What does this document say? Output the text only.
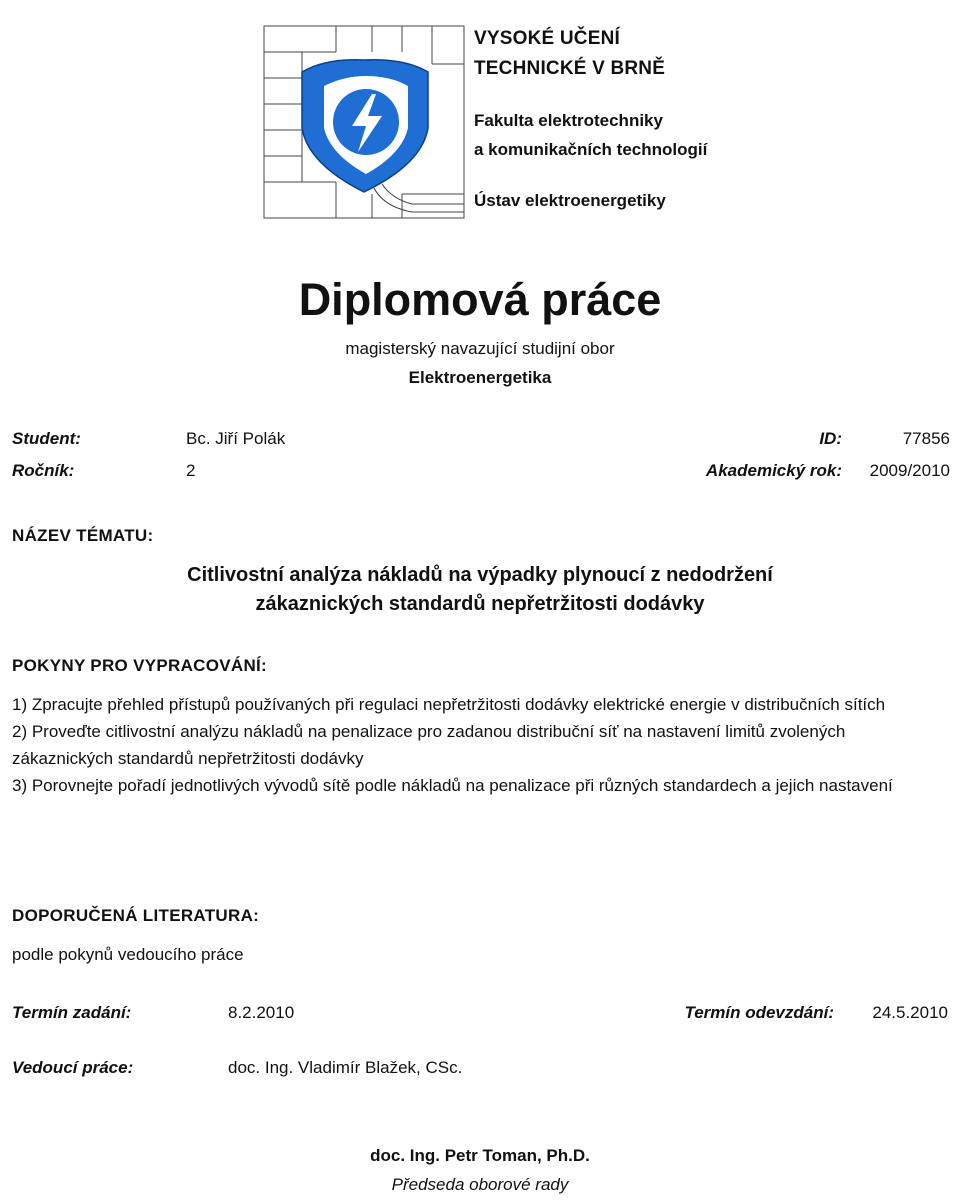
VYSOKÉ UČENÍ
TECHNICKÉ V BRNĚ
Fakulta elektrotechniky
a komunikačních technologií
Ústav elektroenergetiky
Diplomová práce
magisterský navazující studijní obor
Elektroenergetika
Student:	Bc. Jiří Polák	ID:	77856
Ročník:	2	Akademický rok: 2009/2010
NÁZEV TÉMATU:
Citlivostní analýza nákladů na výpadky plynoucí z nedodržení
zákaznických standardů nepřetržitosti dodávky
POKYNY PRO VYPRACOVÁNÍ:

1) Zpracujte přehled přístupů používaných při regulaci nepřetržitosti dodávky elektrické energie v distribučních sítích

2) Proveďte citlivostní analýzu nákladů na penalizace pro zadanou distribuční síť na nastavení limitů zvolených zákaznických standardů nepřetržitosti dodávky

3) Porovnejte pořadí jednotlivých vývodů sítě podle nákladů na penalizace při různých standardech a jejich nastavení

DOPORUČENÁ LITERATURA:
podle pokynů vedoucího práce
Termín zadání:	8.2.2010	Termín odevzdání: 24.5.2010
Vedoucí práce:	doc. Ing. Vladimír Blažek, CSc.
doc. Ing. Petr Toman, Ph.D.
Předseda oborové rady
